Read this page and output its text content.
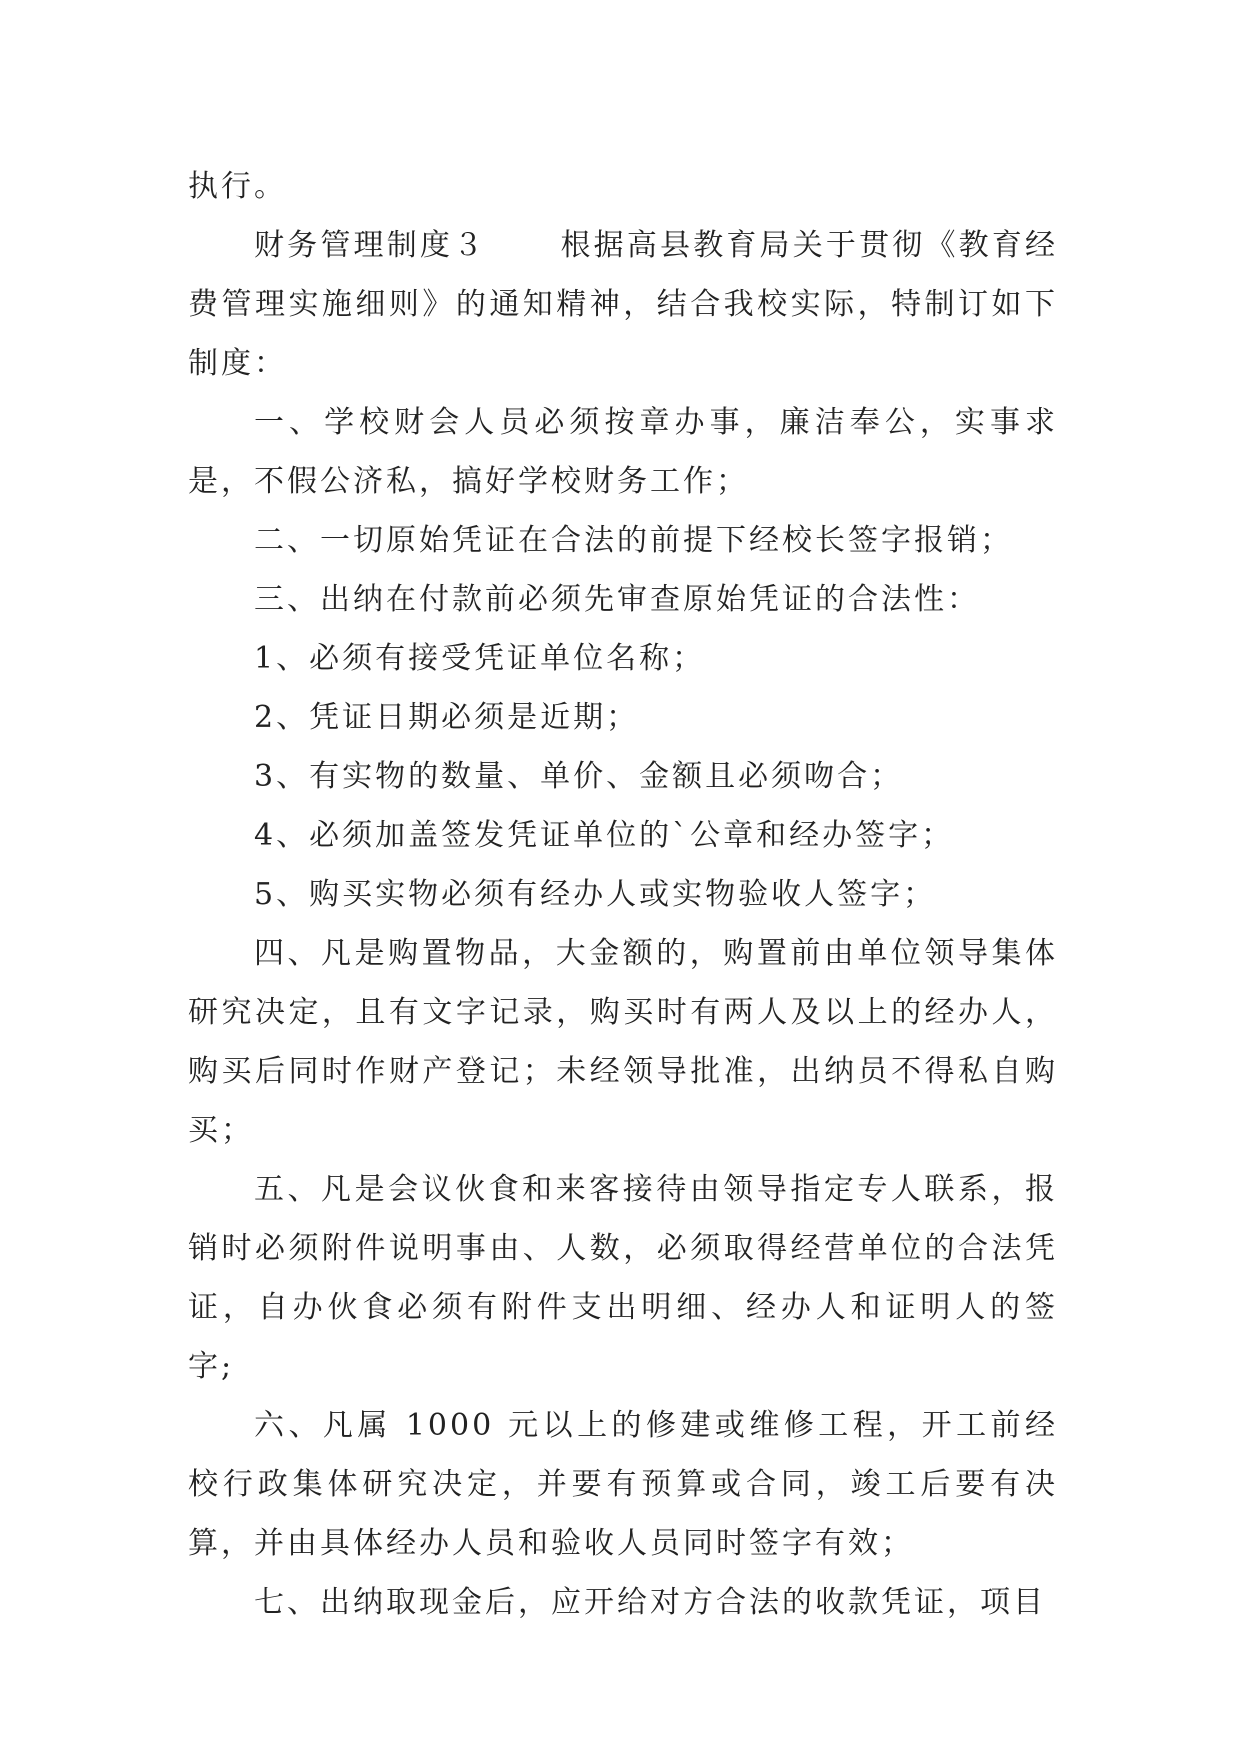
执行。

财务管理制度３ 根据高县教育局关于贯彻《教育经费管理实施细则》的通知精神，结合我校实际，特制订如下制度：

一、学校财会人员必须按章办事，廉洁奉公，实事求是，不假公济私，搞好学校财务工作；

二、一切原始凭证在合法的前提下经校长签字报销；

三、出纳在付款前必须先审查原始凭证的合法性：

1、必须有接受凭证单位名称；

2、凭证日期必须是近期；

3、有实物的数量、单价、金额且必须吻合；

4、必须加盖签发凭证单位的`公章和经办签字；

5、购买实物必须有经办人或实物验收人签字；

四、凡是购置物品，大金额的，购置前由单位领导集体研究决定，且有文字记录，购买时有两人及以上的经办人，购买后同时作财产登记；未经领导批准，出纳员不得私自购买；

五、凡是会议伙食和来客接待由领导指定专人联系，报销时必须附件说明事由、人数，必须取得经营单位的合法凭证，自办伙食必须有附件支出明细、经办人和证明人的签字;

六、凡属 1000 元以上的修建或维修工程，开工前经校行政集体研究决定，并要有预算或合同，竣工后要有决算，并由具体经办人员和验收人员同时签字有效；

七、出纳取现金后，应开给对方合法的收款凭证，项目
